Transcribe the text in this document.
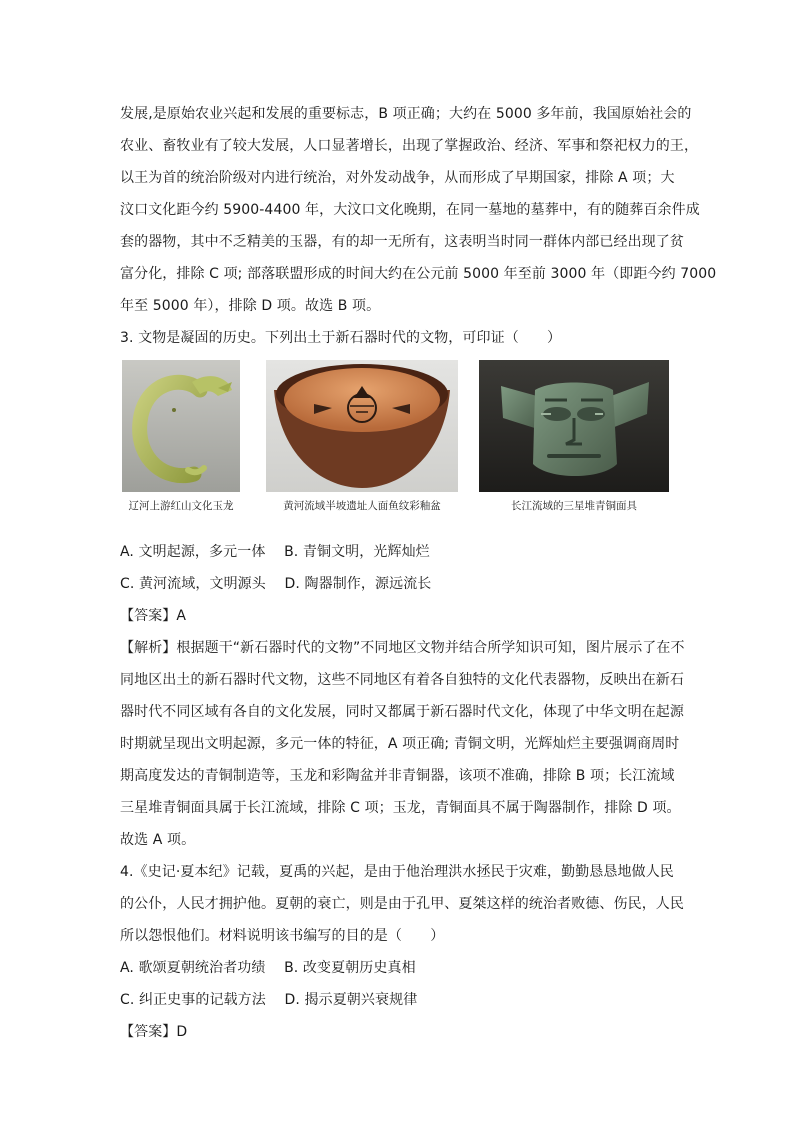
发展,是原始农业兴起和发展的重要标志，B 项正确；大约在 5000 多年前，我国原始社会的

农业、畜牧业有了较大发展，人口显著增长，出现了掌握政治、经济、军事和祭祀权力的王，

以王为首的统治阶级对内进行统治，对外发动战争，从而形成了早期国家，排除 A 项；大

汶口文化距今约 5900-4400 年，大汶口文化晚期，在同一墓地的墓葬中，有的随葬百余件成

套的器物，其中不乏精美的玉器，有的却一无所有，这表明当时同一群体内部已经出现了贫

富分化，排除 C 项; 部落联盟形成的时间大约在公元前 5000 年至前 3000 年（即距今约 7000

年至 5000 年），排除 D 项。故选 B 项。

3. 文物是凝固的历史。下列出土于新石器时代的文物，可印证（　　）

辽河上游红山文化玉龙	黄河流域半坡遗址人面鱼纹彩釉盆	长江流域的三星堆青铜面具

A. 文明起源，多元一体　 B. 青铜文明，光辉灿烂

C. 黄河流域，文明源头　 D. 陶器制作，源远流长

【答案】A

【解析】根据题干“新石器时代的文物”不同地区文物并结合所学知识可知，图片展示了在不

同地区出土的新石器时代文物，这些不同地区有着各自独特的文化代表器物，反映出在新石

器时代不同区域有各自的文化发展，同时又都属于新石器时代文化，体现了中华文明在起源

时期就呈现出文明起源，多元一体的特征，A 项正确; 青铜文明，光辉灿烂主要强调商周时

期高度发达的青铜制造等，玉龙和彩陶盆并非青铜器，该项不准确，排除 B 项；长江流域

三星堆青铜面具属于长江流域，排除 C 项；玉龙，青铜面具不属于陶器制作，排除 D 项。

故选 A 项。

4.《史记·夏本纪》记载，夏禹的兴起，是由于他治理洪水拯民于灾难，勤勤恳恳地做人民

的公仆，人民才拥护他。夏朝的衰亡，则是由于孔甲、夏桀这样的统治者败德、伤民，人民

所以怨恨他们。材料说明该书编写的目的是（　　）

A. 歌颂夏朝统治者功绩　 B. 改变夏朝历史真相

C. 纠正史事的记载方法　 D. 揭示夏朝兴衰规律

【答案】D
